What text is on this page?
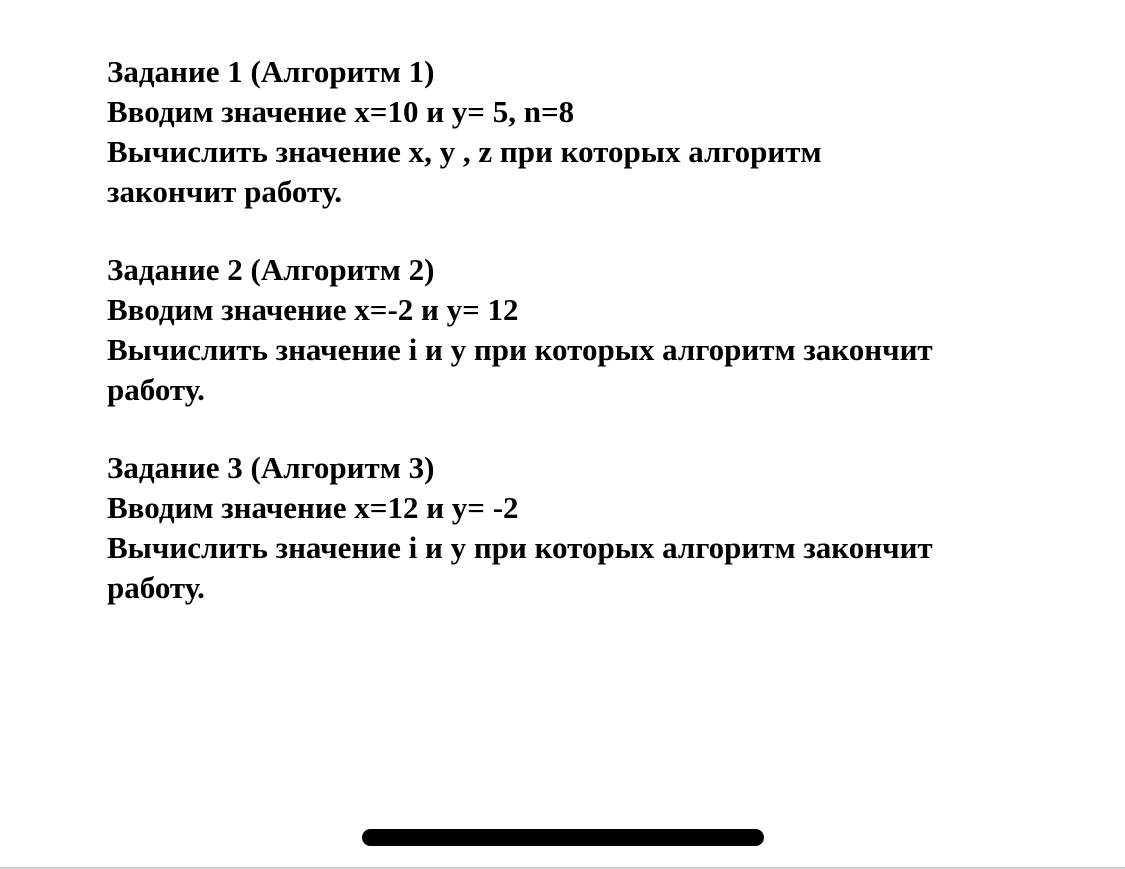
Задание 1 (Алгоритм 1)

Вводим значение x=10 и y= 5, n=8

Вычислить значение x, y , z при которых алгоритм

закончит работу.

Задание 2 (Алгоритм 2)

Вводим значение x=-2 и y= 12

Вычислить значение i и y при которых алгоритм закончит

работу.

Задание 3 (Алгоритм 3)

Вводим значение x=12 и y= -2

Вычислить значение i и y при которых алгоритм закончит

работу.
